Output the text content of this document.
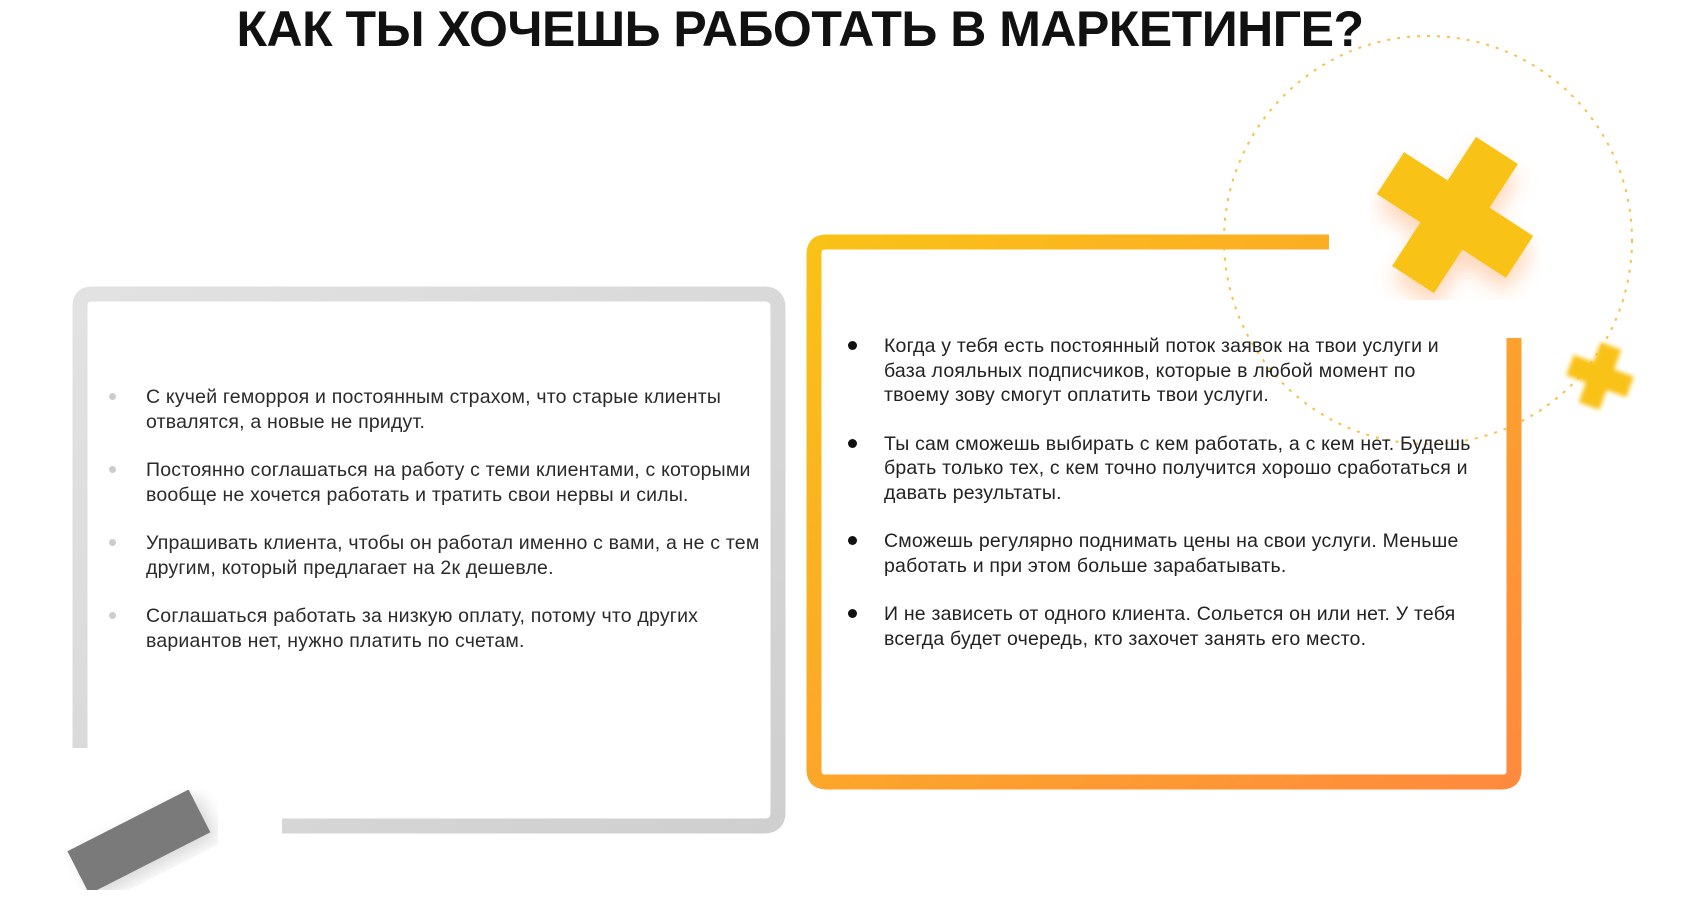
КАК ТЫ ХОЧЕШЬ РАБОТАТЬ В МАРКЕТИНГЕ?
С кучей геморроя и постоянным страхом, что старые клиенты отвалятся, а новые не придут.
Постоянно соглашаться на работу с теми клиентами, с которыми вообще не хочется работать и тратить свои нервы и силы.
Упрашивать клиента, чтобы он работал именно с вами, а не с тем другим, который предлагает на 2к дешевле.
Соглашаться работать за низкую оплату, потому что других вариантов нет, нужно платить по счетам.
Когда у тебя есть постоянный поток заявок на твои услуги и база лояльных подписчиков, которые в любой момент по твоему зову смогут оплатить твои услуги.
Ты сам сможешь выбирать с кем работать, а с кем нет. Будешь брать только тех, с кем точно получится хорошо сработаться и давать результаты.
Сможешь регулярно поднимать цены на свои услуги. Меньше работать и при этом больше зарабатывать.
И не зависеть от одного клиента. Сольется он или нет. У тебя всегда будет очередь, кто захочет занять его место.
